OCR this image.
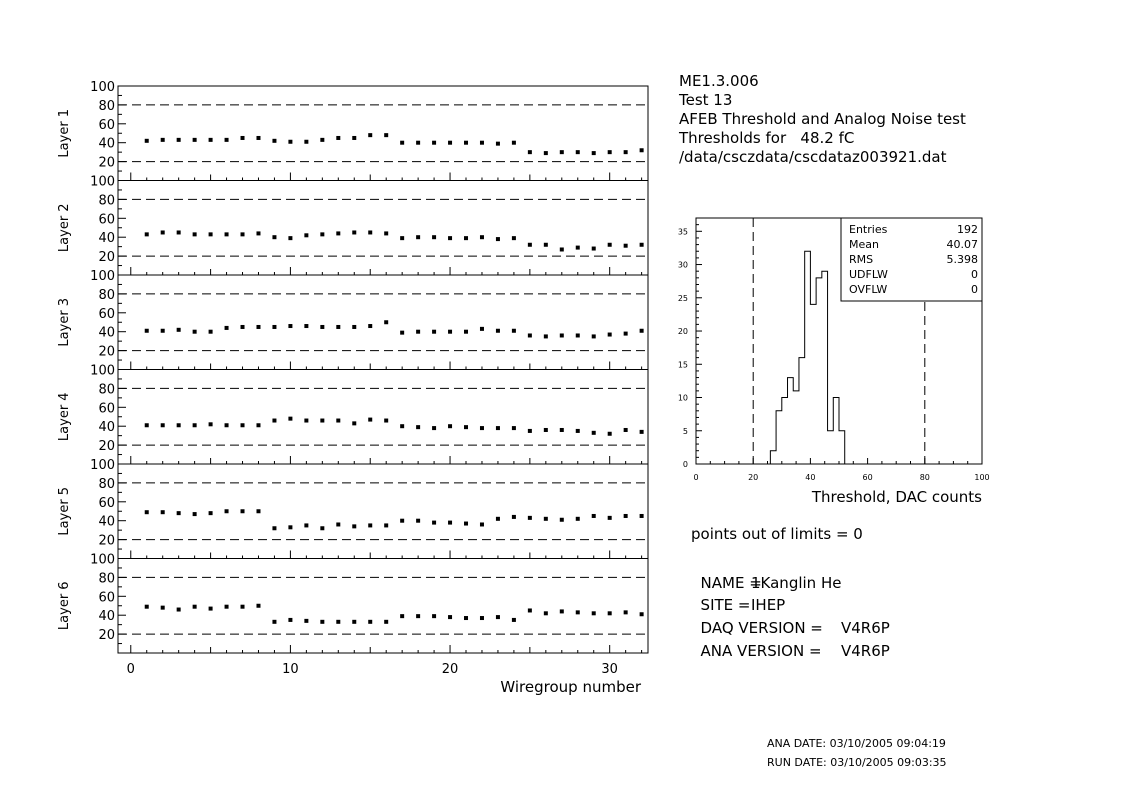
20
40
60
80
100
Layer 1
20
40
60
80
100
Layer 2
20
40
60
80
100
Layer 3
20
40
60
80
100
Layer 4
20
40
60
80
100
Layer 5
20
40
60
80
100
Layer 6
0	10	20	30
Wiregroup number
0
5
10
15
20
25
30
35
0	20	40	60	80	100
Threshold, DAC counts
Entries	192
Mean	40.07
RMS	5.398
UDFLW	0
OVFLW	0
ME1.3.006
Test 13
AFEB Threshold and Analog Noise test
Thresholds for   48.2 fC
/data/csczdata/cscdataz003921.dat
points out of limits = 0

NAME =
1Kanglin He

SITE = IHEP

DAQ VERSION = V4R6P

ANA VERSION = V4R6P

ANA DATE: 03/10/2005 09:04:19
RUN DATE: 03/10/2005 09:03:35
